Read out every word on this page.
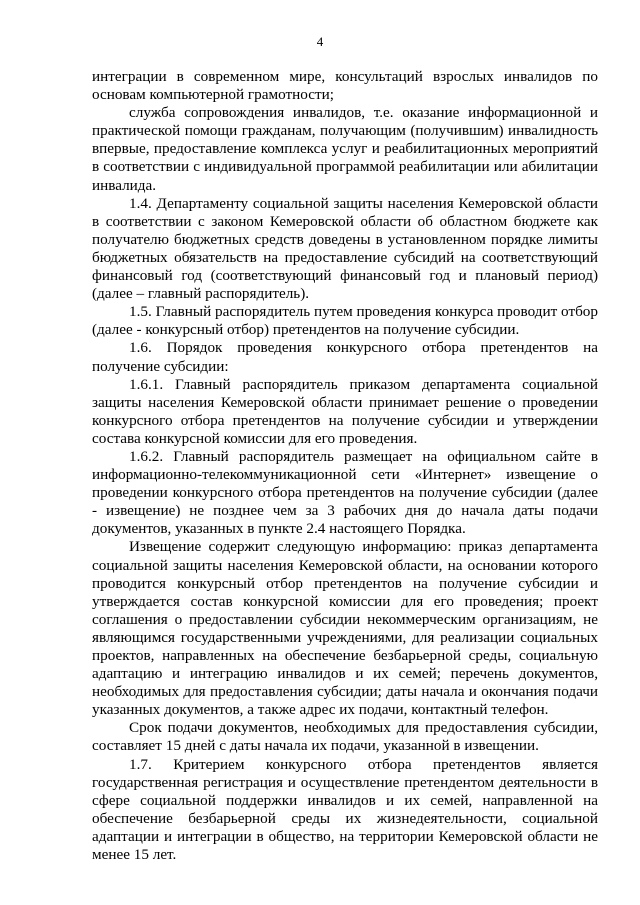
4

интеграции в современном мире, консультаций взрослых инвалидов по основам компьютерной грамотности;

служба сопровождения инвалидов, т.е. оказание информационной и практической помощи гражданам, получающим (получившим) инвалидность впервые, предоставление комплекса услуг и реабилитационных мероприятий в соответствии с индивидуальной программой реабилитации или абилитации инвалида.

1.4. Департаменту социальной защиты населения Кемеровской области в соответствии с законом Кемеровской области об областном бюджете как получателю бюджетных средств доведены в установленном порядке лимиты бюджетных обязательств на предоставление субсидий на соответствующий финансовый год (соответствующий финансовый год и плановый период) (далее – главный распорядитель).

1.5. Главный распорядитель путем проведения конкурса проводит отбор (далее - конкурсный отбор) претендентов на получение субсидии.

1.6. Порядок проведения конкурсного отбора претендентов на получение субсидии:

1.6.1. Главный распорядитель приказом департамента социальной защиты населения Кемеровской области принимает решение о проведении конкурсного отбора претендентов на получение субсидии и утверждении состава конкурсной комиссии для его проведения.

1.6.2. Главный распорядитель размещает на официальном сайте в информационно-телекоммуникационной сети «Интернет» извещение о проведении конкурсного отбора претендентов на получение субсидии (далее - извещение) не позднее чем за 3 рабочих дня до начала даты подачи документов, указанных в пункте 2.4 настоящего Порядка.

Извещение содержит следующую информацию: приказ департамента социальной защиты населения Кемеровской области, на основании которого проводится конкурсный отбор претендентов на получение субсидии и утверждается состав конкурсной комиссии для его проведения; проект соглашения о предоставлении субсидии некоммерческим организациям, не являющимся государственными учреждениями, для реализации социальных проектов, направленных на обеспечение безбарьерной среды, социальную адаптацию и интеграцию инвалидов и их семей; перечень документов, необходимых для предоставления субсидии; даты начала и окончания подачи указанных документов, а также адрес их подачи, контактный телефон.

Срок подачи документов, необходимых для предоставления субсидии, составляет 15 дней с даты начала их подачи, указанной в извещении.

1.7. Критерием конкурсного отбора претендентов является государственная регистрация и осуществление претендентом деятельности в сфере социальной поддержки инвалидов и их семей, направленной на обеспечение безбарьерной среды их жизнедеятельности, социальной адаптации и интеграции в общество, на территории Кемеровской области не менее 15 лет.
